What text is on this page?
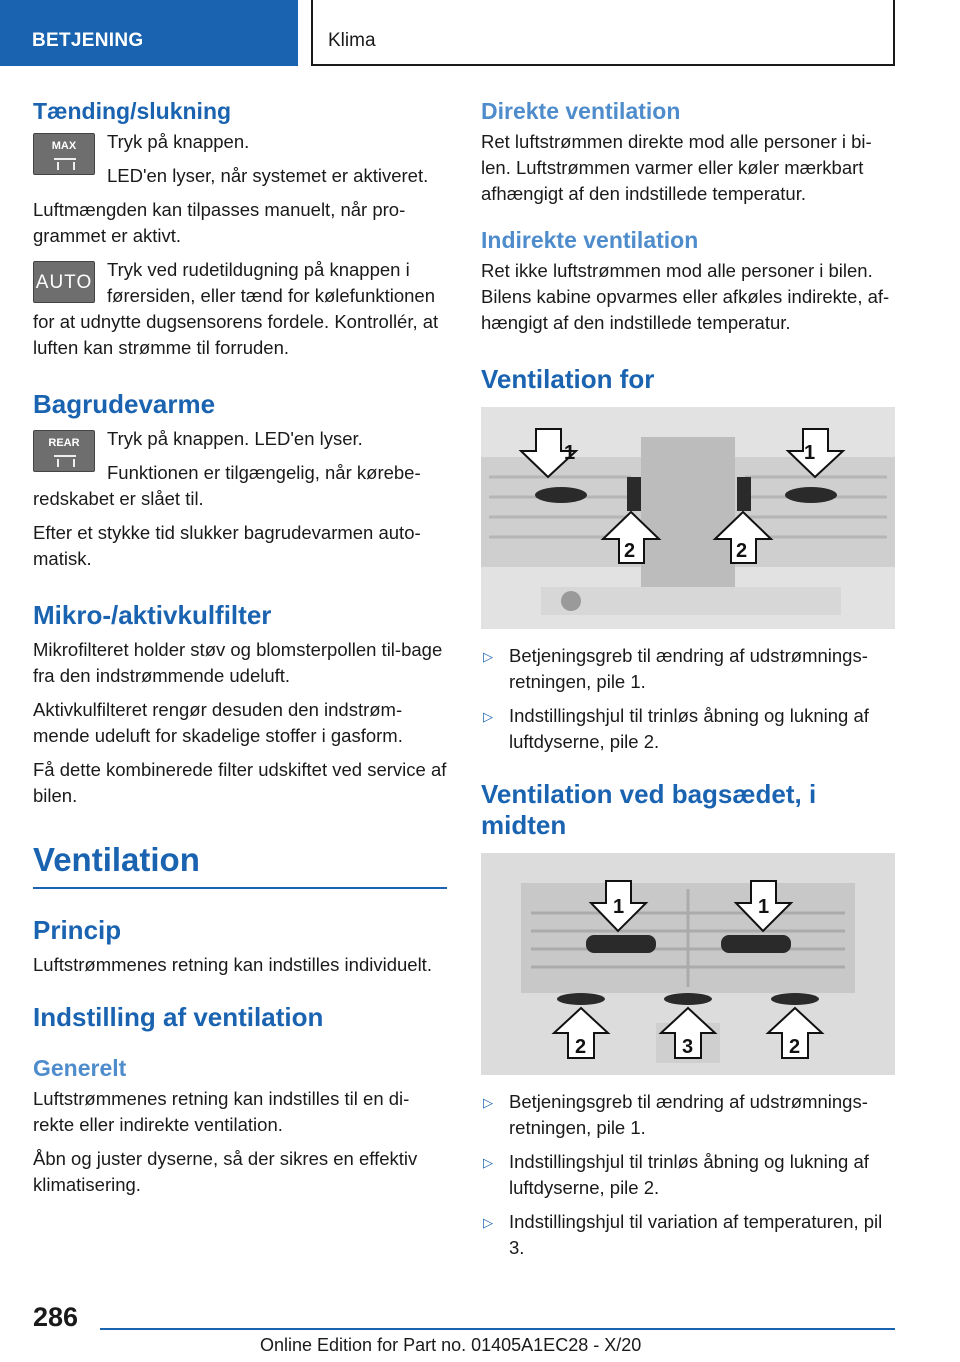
BETJENING	Klima
Tænding/slukning
MAX	Tryk på knappen.

LED'en lyser, når systemet er aktiveret.

Luftmængden kan tilpasses manuelt, når pro-grammet er aktivt.

AUTO

Tryk ved rudetildugning på knappen i førersiden, eller tænd for kølefunktionen

for at udnytte dugsensorens fordele. Kontrollér, at luften kan strømme til forruden.

Bagrudevarme
REAR	Tryk på knappen. LED'en lyser.

Funktionen er tilgængelig, når kørebe-

redskabet er slået til.

Efter et stykke tid slukker bagrudevarmen auto-matisk.

Mikro-/aktivkulfilter

Mikrofilteret holder støv og blomsterpollen til-bage fra den indstrømmende udeluft.

Aktivkulfilteret rengør desuden den indstrøm-mende udeluft for skadelige stoffer i gasform.

Få dette kombinerede filter udskiftet ved service af bilen.

Ventilation
Princip

Luftstrømmenes retning kan indstilles individuelt.

Indstilling af ventilation
Generelt

Luftstrømmenes retning kan indstilles til en di-rekte eller indirekte ventilation.

Åbn og juster dyserne, så der sikres en effektiv klimatisering.

Direkte ventilation

Ret luftstrømmen direkte mod alle personer i bi-len. Luftstrømmen varmer eller køler mærkbart afhængigt af den indstillede temperatur.

Indirekte ventilation

Ret ikke luftstrømmen mod alle personer i bilen. Bilens kabine opvarmes eller afkøles indirekte, af-hængigt af den indstillede temperatur.

Ventilation for
1	1
2	2
▷ Betjeningsgreb til ændring af udstrømnings-retningen, pile 1.
▷ Indstillingshjul til trinløs åbning og lukning af luftdyserne, pile 2.
Ventilation ved bagsædet, i midten
1	1
2	3	2
▷ Betjeningsgreb til ændring af udstrømnings-retningen, pile 1.
▷ Indstillingshjul til trinløs åbning og lukning af luftdyserne, pile 2.
▷ Indstillingshjul til variation af temperaturen, pil 3.
286
Online Edition for Part no. 01405A1EC28 - X/20
